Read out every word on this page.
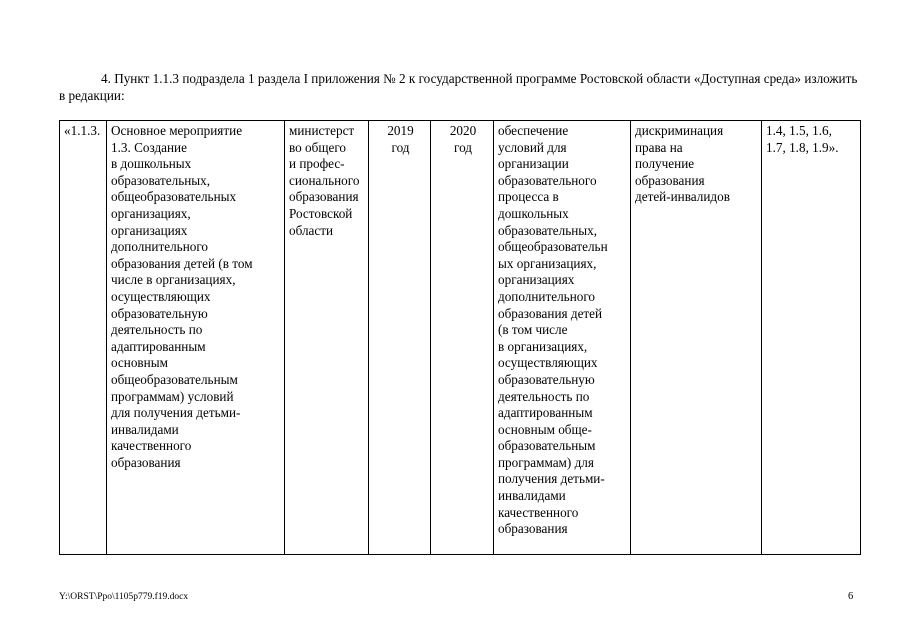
4. Пункт 1.1.3 подраздела 1 раздела I приложения № 2 к государственной программе Ростовской области «Доступная среда» изложить в редакции:

«1.1.3.	Основное мероприятие
1.3. Создание
в дошкольных
образовательных,
общеобразовательных
организациях,
организациях
дополнительного
образования детей (в том
числе в организациях,
осуществляющих
образовательную
деятельность по
адаптированным
основным
общеобразовательным
программам) условий
для получения детьми-
инвалидами
качественного
образования	министерст
во общего
и профес-
сионального
образования
Ростовской
области	2019
год	2020
год	обеспечение
условий для
организации
образовательного
процесса в
дошкольных
образовательных,
общеобразовательн
ых организациях,
организациях
дополнительного
образования детей
(в том числе
в организациях,
осуществляющих
образовательную
деятельность по
адаптированным
основным обще-
образовательным
программам) для
получения детьми-
инвалидами
качественного
образования	дискриминация
права на
получение
образования
детей-инвалидов	1.4, 1.5, 1.6,
1.7, 1.8, 1.9».
Y:\ORST\Ppo\1105p779.f19.docx	6
